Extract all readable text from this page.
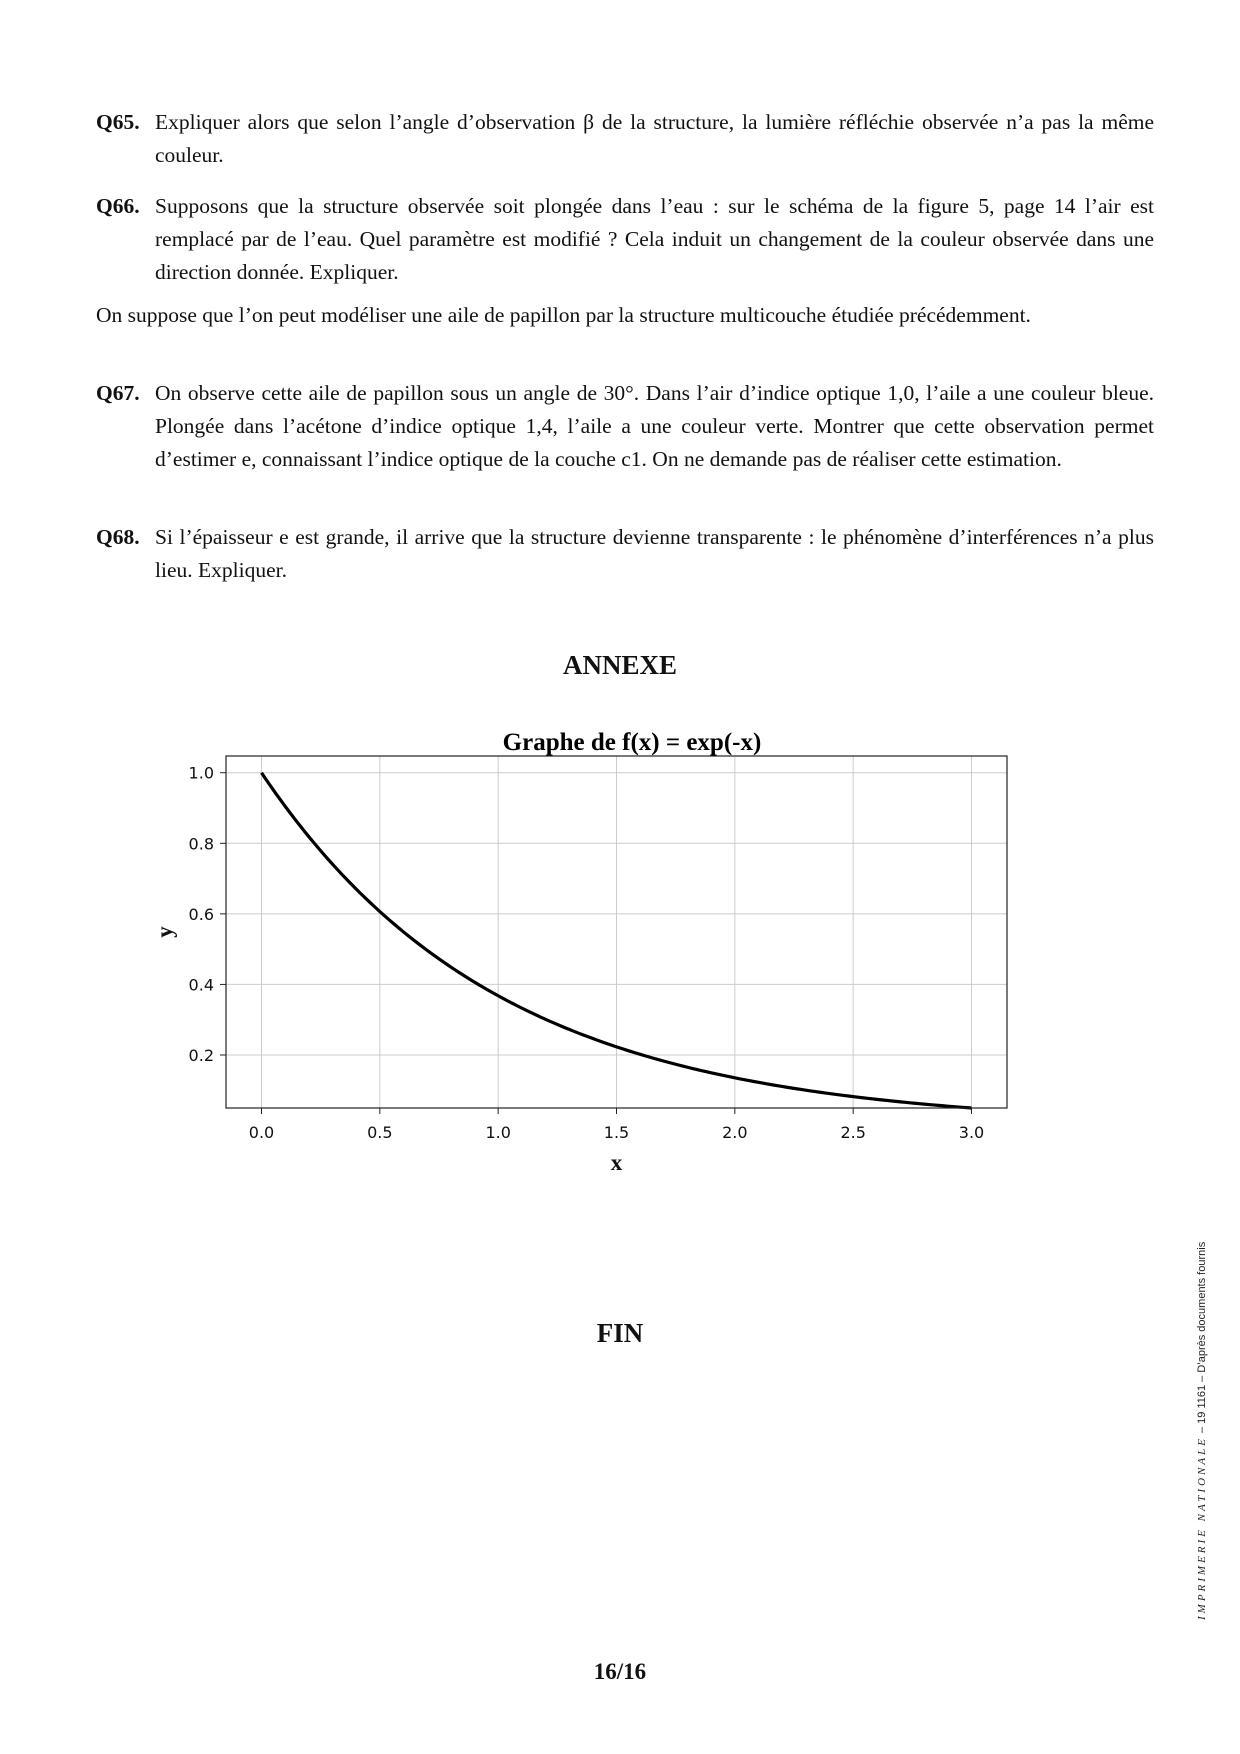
Q65. Expliquer alors que selon l’angle d’observation β de la structure, la lumière réfléchie observée n’a pas la même couleur.
Q66. Supposons que la structure observée soit plongée dans l’eau : sur le schéma de la figure 5, page 14 l’air est remplacé par de l’eau. Quel paramètre est modifié ? Cela induit un changement de la couleur observée dans une direction donnée. Expliquer.
On suppose que l’on peut modéliser une aile de papillon par la structure multicouche étudiée précédemment.
Q67. On observe cette aile de papillon sous un angle de 30°. Dans l’air d’indice optique 1,0, l’aile a une couleur bleue. Plongée dans l’acétone d’indice optique 1,4, l’aile a une couleur verte. Montrer que cette observation permet d’estimer e, connaissant l’indice optique de la couche c1. On ne demande pas de réaliser cette estimation.
Q68. Si l’épaisseur e est grande, il arrive que la structure devienne transparente : le phénomène d’interférences n’a plus lieu. Expliquer.
ANNEXE
Graphe de f(x) = exp(-x)
0.0	0.5	1.0	1.5	2.0	2.5	3.0
0.2
0.4
0.6
0.8
1.0
x
y
FIN
16/16
IMPRIMERIE NATIONALE – 19 1161 – D’après documents fournis
